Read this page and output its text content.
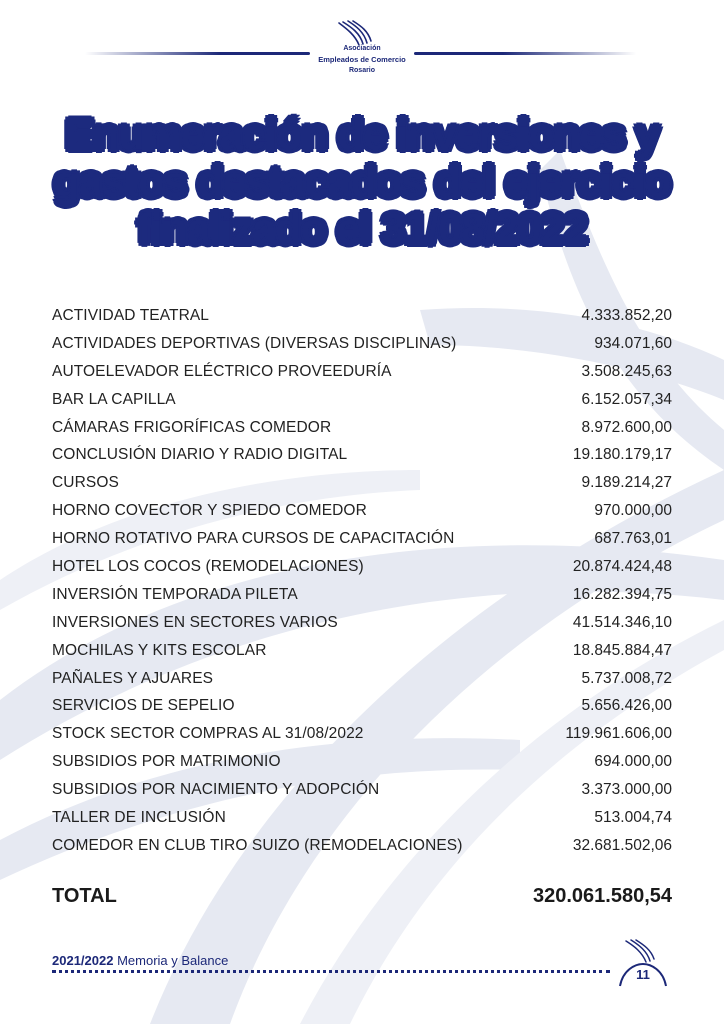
Asociación
Empleados de Comercio
Rosario
Enumeración de inversiones y
gastos destacados del ejercicio
finalizado el 31/08/2022
ACTIVIDAD TEATRAL	4.333.852,20
ACTIVIDADES DEPORTIVAS (DIVERSAS DISCIPLINAS)	934.071,60
AUTOELEVADOR ELÉCTRICO PROVEEDURÍA	3.508.245,63
BAR LA CAPILLA	6.152.057,34
CÁMARAS FRIGORÍFICAS COMEDOR	8.972.600,00
CONCLUSIÓN DIARIO Y RADIO DIGITAL	19.180.179,17
CURSOS	9.189.214,27
HORNO COVECTOR Y SPIEDO COMEDOR	970.000,00
HORNO ROTATIVO PARA CURSOS DE CAPACITACIÓN	687.763,01
HOTEL LOS COCOS (REMODELACIONES)	20.874.424,48
INVERSIÓN TEMPORADA PILETA	16.282.394,75
INVERSIONES EN SECTORES VARIOS	41.514.346,10
MOCHILAS Y KITS ESCOLAR	18.845.884,47
PAÑALES Y AJUARES	5.737.008,72
SERVICIOS DE SEPELIO	5.656.426,00
STOCK SECTOR COMPRAS AL 31/08/2022	119.961.606,00
SUBSIDIOS POR MATRIMONIO	694.000,00
SUBSIDIOS POR NACIMIENTO Y ADOPCIÓN	3.373.000,00
TALLER DE INCLUSIÓN	513.004,74
COMEDOR EN CLUB TIRO SUIZO (REMODELACIONES)	32.681.502,06
TOTAL	320.061.580,54
2021/2022 Memoria y Balance
11
